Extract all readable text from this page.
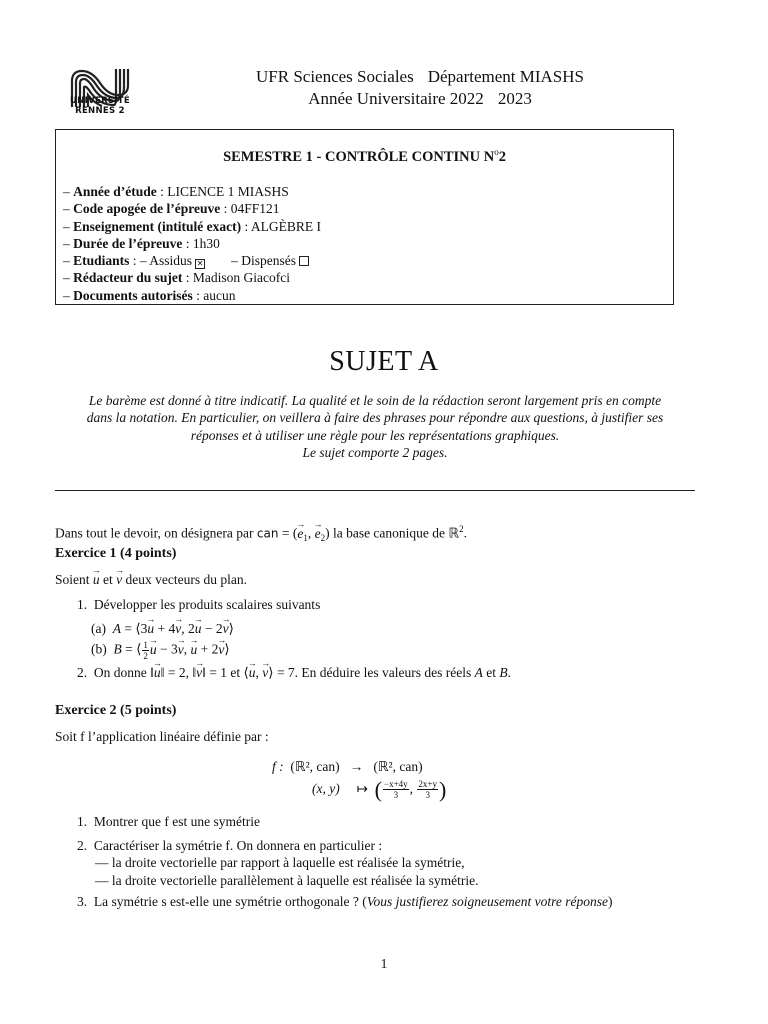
UNIVERSITÉ
RENNES 2
UFR Sciences Sociales Département MIASHS
Année Universitaire 2022 2023
SEMESTRE 1 - CONTRÔLE CONTINU $N^o2$
– Année d’étude : LICENCE 1 MIASHS
– Code apogée de l’épreuve : 04FF121
– Enseignement (intitulé exact) : ALGÈBRE I
– Durée de l’épreuve : 1h30
– Etudiants : – Assidus ✕ – Dispensés
– Rédacteur du sujet : Madison Giacofci
– Documents autorisés : aucun
SUJET A
Le barème est donné à titre indicatif. La qualité et le soin de la rédaction seront largement pris en compte
dans la notation. En particulier, on veillera à faire des phrases pour répondre aux questions, à justifier ses
réponses et à utiliser une règle pour les représentations graphiques.
Le sujet comporte 2 pages.
Dans tout le devoir, on désignera par can = (→ $e_1$, → $e_2$) la base canonique de ℝ$^2$.
Exercice 1 (4 points)
Soient → u et → v deux vecteurs du plan.
1. Développer les produits scalaires suivants
(a) A = ⟨3→ u + 4→ v, 2→ u − 2→ v⟩
(b) B = ⟨ $\frac{1}{2}$
→ u − 3→ v, → u + 2→ v⟩
2. On donne ‖→ u‖ = 2, ‖→ v‖ = 1 et ⟨→ u, → v⟩ = 7. En déduire les valeurs des réels A et B.
Exercice 2 (5 points)
Soit f l’application linéaire définie par :
f : (ℝ², can) → (ℝ², can)
(x, y) ↦ ( $\frac{-x+4y}{3}$ , $\frac{2x+y}{3}$ )
1. Montrer que f est une symétrie
2. Caractériser la symétrie f. On donnera en particulier :
— la droite vectorielle par rapport à laquelle est réalisée la symétrie,
— la droite vectorielle parallèlement à laquelle est réalisée la symétrie.
3. La symétrie s est-elle une symétrie orthogonale ? (Vous justifierez soigneusement votre réponse)
1
